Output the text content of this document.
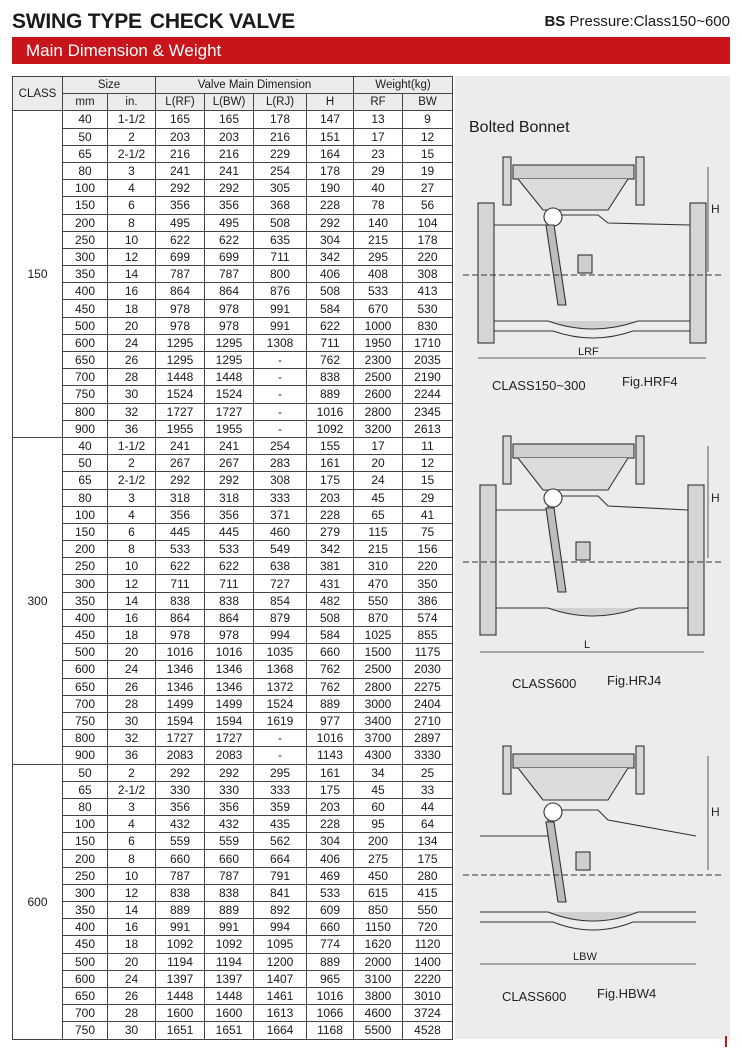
SWING TYPE CHECK VALVE	BS Pressure:Class150~600
Main Dimension & Weight
CLASS	Size		Valve Main Dimension				Weight(kg)	
	mm	in.	L(RF)	L(BW)	L(RJ)	H	RF	BW
150	40	1-1/2	165	165	178	147	13	9
	50	2	203	203	216	151	17	12
	65	2-1/2	216	216	229	164	23	15
	80	3	241	241	254	178	29	19
	100	4	292	292	305	190	40	27
	150	6	356	356	368	228	78	56
	200	8	495	495	508	292	140	104
	250	10	622	622	635	304	215	178
	300	12	699	699	711	342	295	220
	350	14	787	787	800	406	408	308
	400	16	864	864	876	508	533	413
	450	18	978	978	991	584	670	530
	500	20	978	978	991	622	1000	830
	600	24	1295	1295	1308	711	1950	1710
	650	26	1295	1295	-	762	2300	2035
	700	28	1448	1448	-	838	2500	2190
	750	30	1524	1524	-	889	2600	2244
	800	32	1727	1727	-	1016	2800	2345
	900	36	1955	1955	-	1092	3200	2613
300	40	1-1/2	241	241	254	155	17	11
	50	2	267	267	283	161	20	12
	65	2-1/2	292	292	308	175	24	15
	80	3	318	318	333	203	45	29
	100	4	356	356	371	228	65	41
	150	6	445	445	460	279	115	75
	200	8	533	533	549	342	215	156
	250	10	622	622	638	381	310	220
	300	12	711	711	727	431	470	350
	350	14	838	838	854	482	550	386
	400	16	864	864	879	508	870	574
	450	18	978	978	994	584	1025	855
	500	20	1016	1016	1035	660	1500	1175
	600	24	1346	1346	1368	762	2500	2030
	650	26	1346	1346	1372	762	2800	2275
	700	28	1499	1499	1524	889	3000	2404
	750	30	1594	1594	1619	977	3400	2710
	800	32	1727	1727	-	1016	3700	2897
	900	36	2083	2083	-	1143	4300	3330
600	50	2	292	292	295	161	34	25
	65	2-1/2	330	330	333	175	45	33
	80	3	356	356	359	203	60	44
	100	4	432	432	435	228	95	64
	150	6	559	559	562	304	200	134
	200	8	660	660	664	406	275	175
	250	10	787	787	791	469	450	280
	300	12	838	838	841	533	615	415
	350	14	889	889	892	609	850	550
	400	16	991	991	994	660	1150	720
	450	18	1092	1092	1095	774	1620	1120
	500	20	1194	1194	1200	889	2000	1400
	600	24	1397	1397	1407	965	3100	2220
	650	26	1448	1448	1461	1016	3800	3010
	700	28	1600	1600	1613	1066	4600	3724
	750	30	1651	1651	1664	1168	5500	4528
Bolted Bonnet
H
LRF
CLASS150~300	Fig.HRF4
H
L
CLASS600 Fig.HRJ4
H
LBW
CLASS600 Fig.HBW4
